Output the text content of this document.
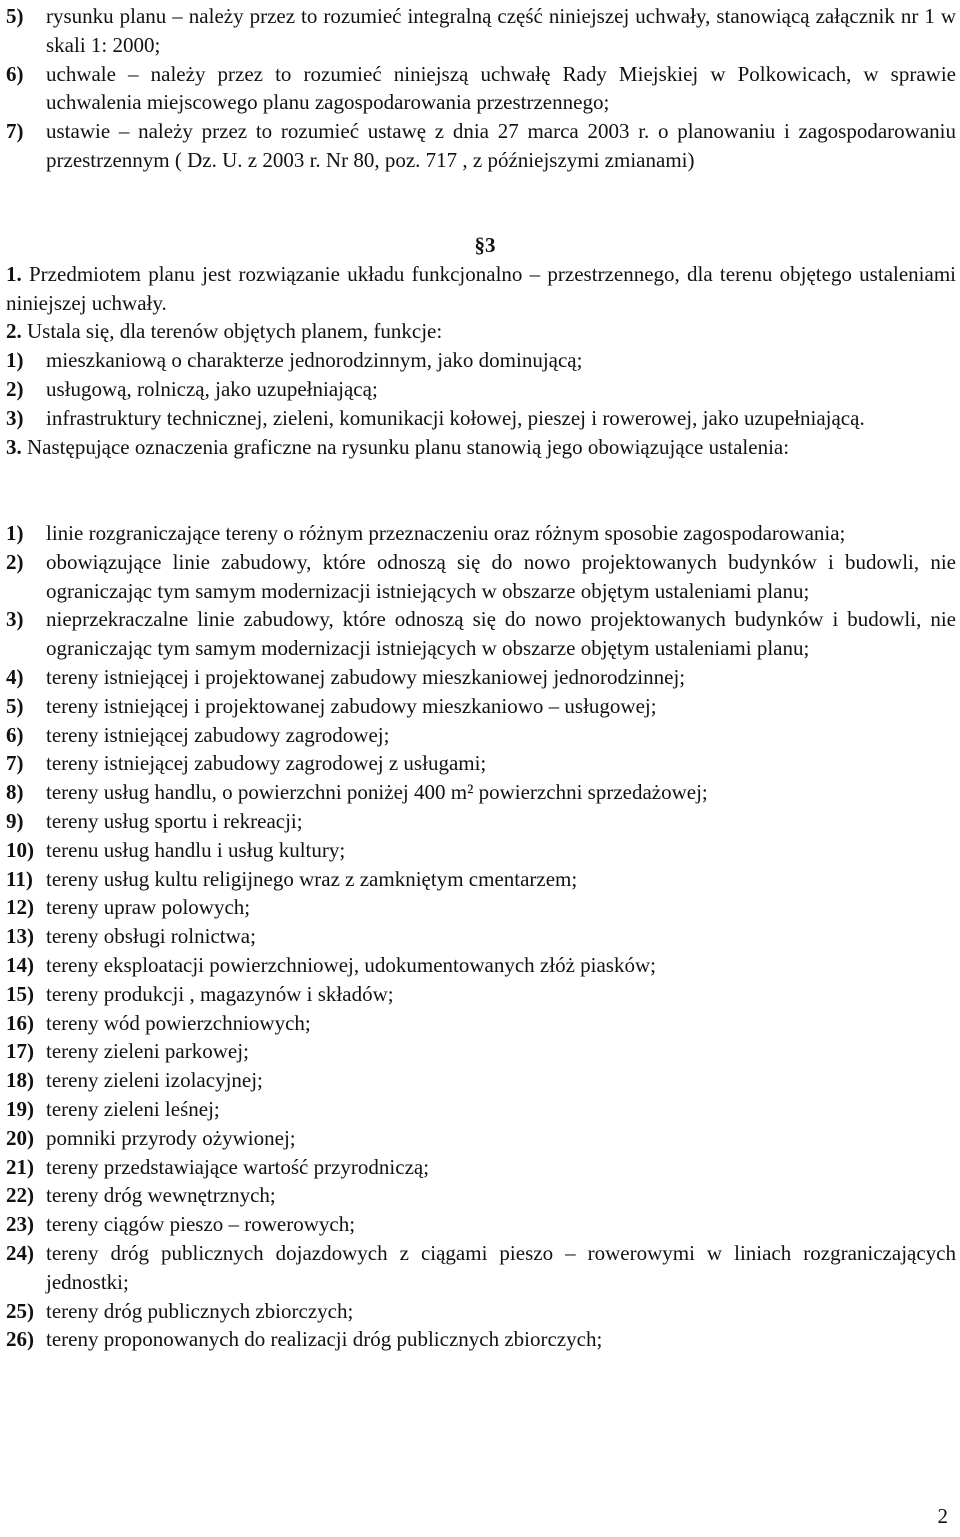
5) rysunku planu – należy przez to rozumieć integralną część niniejszej uchwały, stanowiącą załącznik nr 1 w skali 1: 2000;
6) uchwale – należy przez to rozumieć niniejszą uchwałę Rady Miejskiej w Polkowicach, w sprawie uchwalenia miejscowego planu zagospodarowania przestrzennego;
7) ustawie – należy przez to rozumieć ustawę z dnia 27 marca 2003 r. o planowaniu i zagospodarowaniu przestrzennym ( Dz. U. z 2003 r. Nr 80, poz. 717 , z późniejszymi zmianami)
§3
1. Przedmiotem planu jest rozwiązanie układu funkcjonalno – przestrzennego, dla terenu objętego ustaleniami niniejszej uchwały.
2. Ustala się, dla terenów objętych planem, funkcje:
1) mieszkaniową o charakterze jednorodzinnym, jako dominującą;
2) usługową, rolniczą, jako uzupełniającą;
3) infrastruktury technicznej, zieleni, komunikacji kołowej, pieszej i rowerowej, jako uzupełniającą.
3. Następujące oznaczenia graficzne na rysunku planu stanowią jego obowiązujące ustalenia:
1) linie rozgraniczające tereny o różnym przeznaczeniu oraz różnym sposobie zagospodarowania;
2) obowiązujące linie zabudowy, które odnoszą się do nowo projektowanych budynków i budowli, nie ograniczając tym samym modernizacji istniejących w obszarze objętym ustaleniami planu;
3) nieprzekraczalne linie zabudowy, które odnoszą się do nowo projektowanych budynków i budowli, nie ograniczając tym samym modernizacji istniejących w obszarze objętym ustaleniami planu;
4) tereny istniejącej i projektowanej zabudowy mieszkaniowej jednorodzinnej;
5) tereny istniejącej i projektowanej zabudowy mieszkaniowo – usługowej;
6) tereny istniejącej zabudowy zagrodowej;
7) tereny istniejącej zabudowy zagrodowej z usługami;
8) tereny usług handlu, o powierzchni poniżej 400 m² powierzchni sprzedażowej;
9) tereny usług sportu i rekreacji;
10) terenu usług handlu i usług kultury;
11) tereny usług kultu religijnego wraz z zamkniętym cmentarzem;
12) tereny upraw polowych;
13) tereny obsługi rolnictwa;
14) tereny eksploatacji powierzchniowej, udokumentowanych złóż piasków;
15) tereny produkcji , magazynów i składów;
16) tereny wód powierzchniowych;
17) tereny zieleni parkowej;
18) tereny zieleni izolacyjnej;
19) tereny zieleni leśnej;
20) pomniki przyrody ożywionej;
21) tereny przedstawiające wartość przyrodniczą;
22) tereny dróg wewnętrznych;
23) tereny ciągów pieszo – rowerowych;
24) tereny dróg publicznych dojazdowych z ciągami pieszo – rowerowymi w liniach rozgraniczających jednostki;
25) tereny dróg publicznych zbiorczych;
26) tereny proponowanych do realizacji dróg publicznych zbiorczych;
2
